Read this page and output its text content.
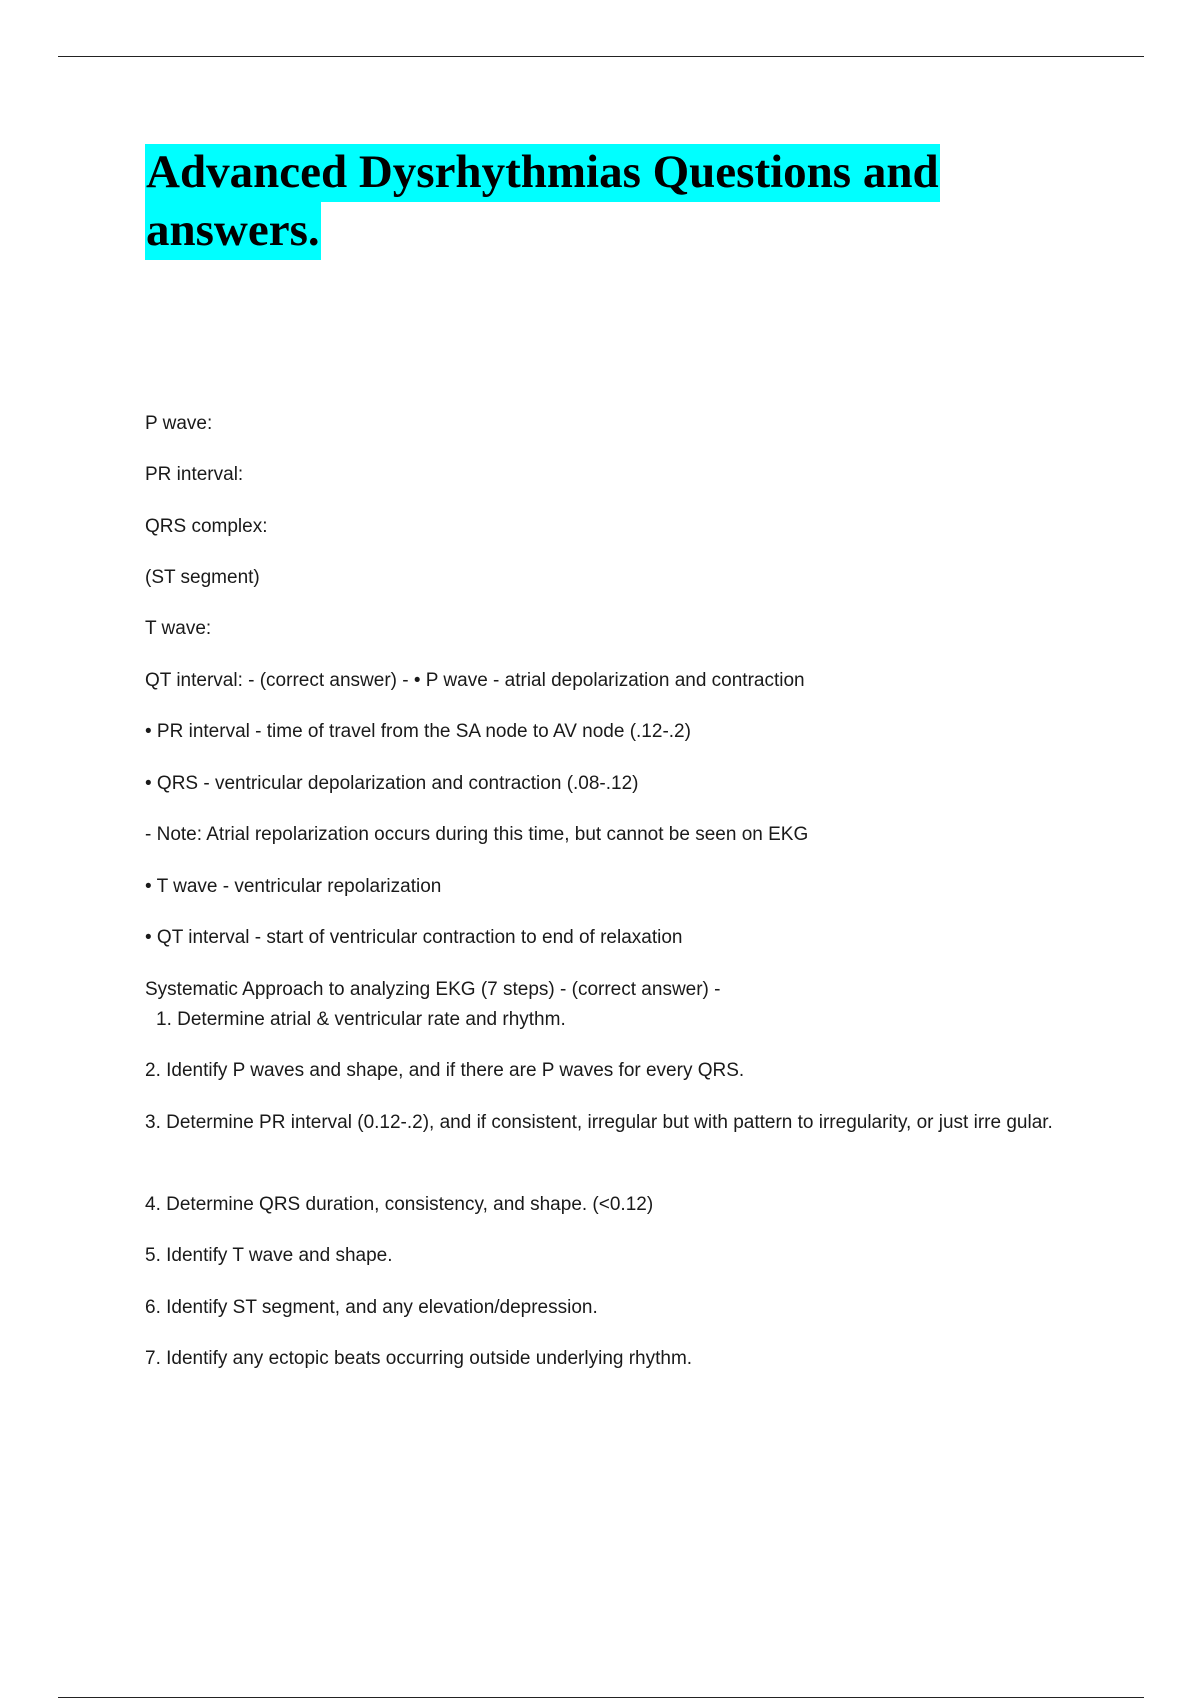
Advanced Dysrhythmias Questions and answers.

P wave:

PR interval:

QRS complex:

(ST segment)

T wave:

QT interval: - (correct answer) - • P wave - atrial depolarization and contraction

• PR interval - time of travel from the SA node to AV node (.12-.2)

• QRS - ventricular depolarization and contraction (.08-.12)

- Note: Atrial repolarization occurs during this time, but cannot be seen on EKG

• T wave - ventricular repolarization

• QT interval - start of ventricular contraction to end of relaxation

Systematic Approach to analyzing EKG (7 steps) - (correct answer) -

1. Determine atrial & ventricular rate and rhythm.

2. Identify P waves and shape, and if there are P waves for every QRS.

3. Determine PR interval (0.12-.2), and if consistent, irregular but with pattern to irregularity, or just irre gular.

4. Determine QRS duration, consistency, and shape. (<0.12)

5. Identify T wave and shape.

6. Identify ST segment, and any elevation/depression.

7. Identify any ectopic beats occurring outside underlying rhythm.
